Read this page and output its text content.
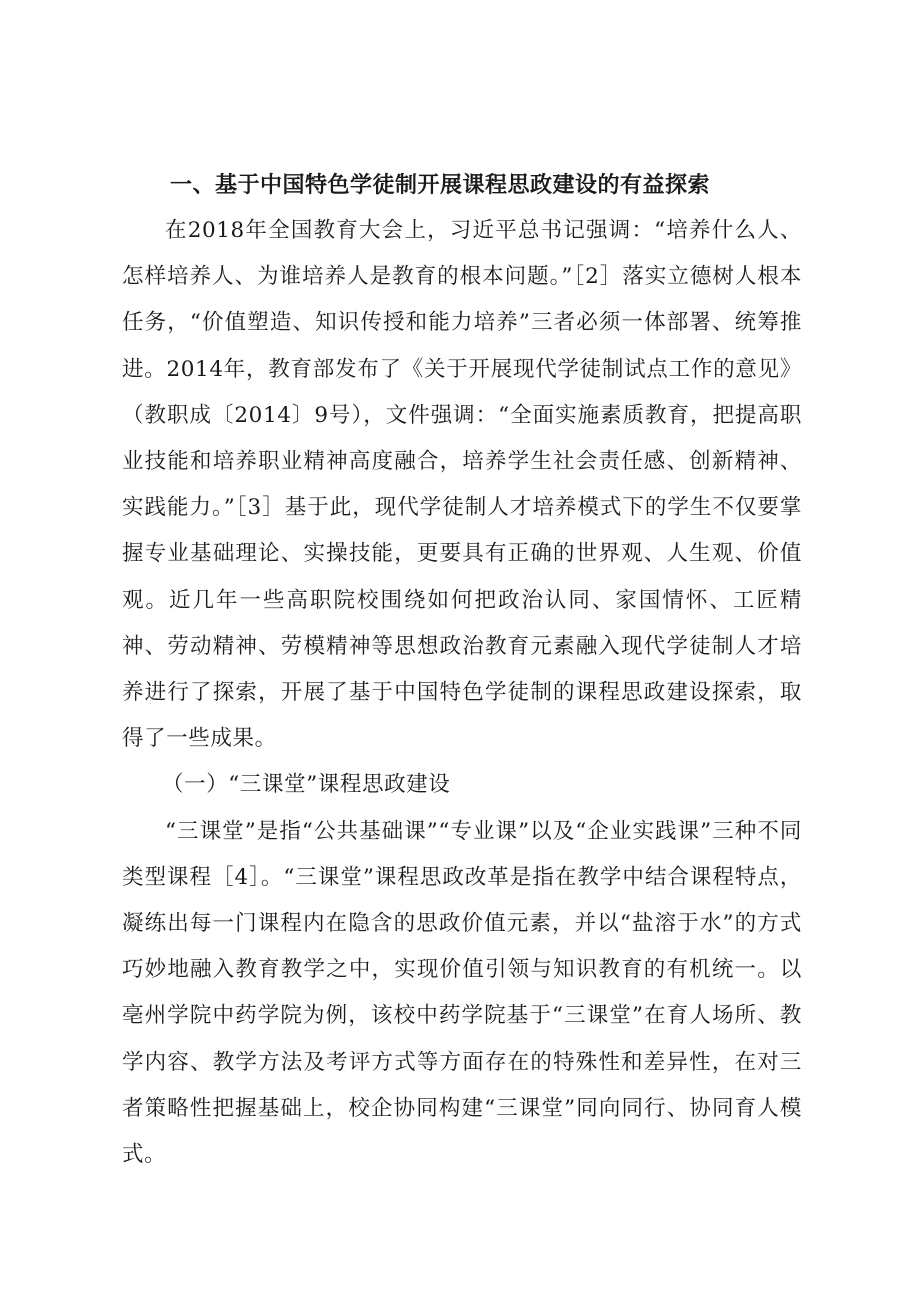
一、基于中国特色学徒制开展课程思政建设的有益探索

在2018年全国教育大会上，习近平总书记强调：“培养什么人、怎样培养人、为谁培养人是教育的根本问题。”［2］落实立德树人根本任务，“价值塑造、知识传授和能力培养”三者必须一体部署、统筹推进。2014年，教育部发布了《关于开展现代学徒制试点工作的意见》（教职成〔2014〕9号），文件强调：“全面实施素质教育，把提高职业技能和培养职业精神高度融合，培养学生社会责任感、创新精神、实践能力。”［3］基于此，现代学徒制人才培养模式下的学生不仅要掌握专业基础理论、实操技能，更要具有正确的世界观、人生观、价值观。近几年一些高职院校围绕如何把政治认同、家国情怀、工匠精神、劳动精神、劳模精神等思想政治教育元素融入现代学徒制人才培养进行了探索，开展了基于中国特色学徒制的课程思政建设探索，取得了一些成果。

（一）“三课堂”课程思政建设

“三课堂”是指“公共基础课”“专业课”以及“企业实践课”三种不同类型课程［4］。“三课堂”课程思政改革是指在教学中结合课程特点，凝练出每一门课程内在隐含的思政价值元素，并以“盐溶于水”的方式巧妙地融入教育教学之中，实现价值引领与知识教育的有机统一。以亳州学院中药学院为例，该校中药学院基于“三课堂”在育人场所、教学内容、教学方法及考评方式等方面存在的特殊性和差异性，在对三者策略性把握基础上，校企协同构建“三课堂”同向同行、协同育人模式。
